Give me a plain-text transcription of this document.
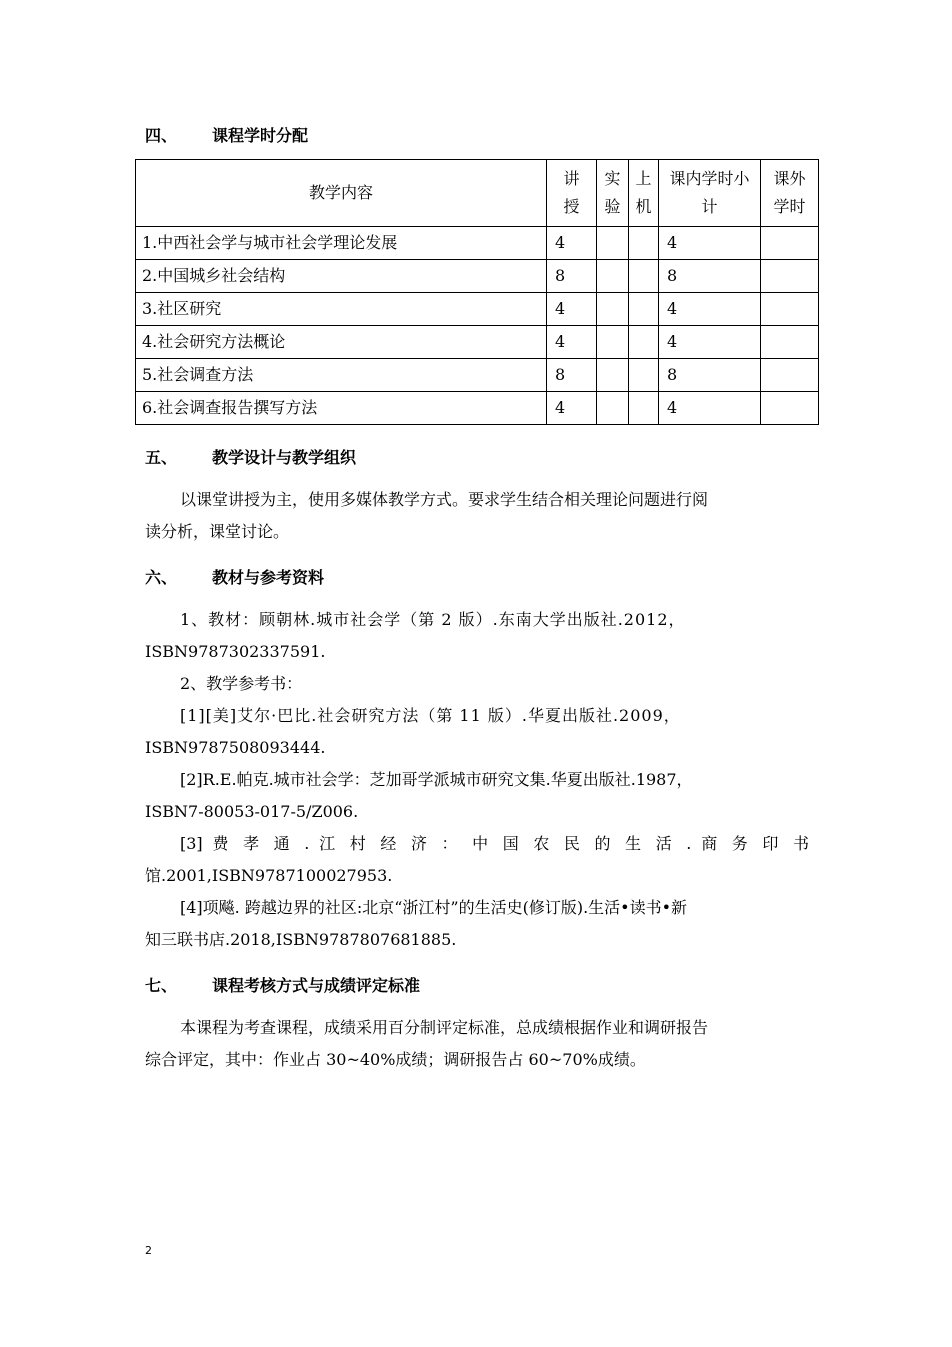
四、 课程学时分配
教学内容	讲授	实验	上机	课内学时小计	课外学时
1.中西社会学与城市社会学理论发展	4			4	
2.中国城乡社会结构	8			8	
3.社区研究	4			4	
4.社会研究方法概论	4			4	
5.社会调查方法	8			8	
6.社会调查报告撰写方法	4			4	
五、 教学设计与教学组织
以课堂讲授为主，使用多媒体教学方式。要求学生结合相关理论问题进行阅
读分析，课堂讨论。
六、 教材与参考资料
1、教材：顾朝林.城市社会学（第 2 版）.东南大学出版社.2012，
ISBN9787302337591.
2、教学参考书：
[1][美]艾尔·巴比.社会研究方法（第 11 版）.华夏出版社.2009，
ISBN9787508093444.
[2]R.E.帕克.城市社会学：芝加哥学派城市研究文集.华夏出版社.1987，
ISBN7-80053-017-5/Z006.
[3] 费 孝 通 . 江 村 经 济 ： 中 国 农 民 的 生 活 . 商 务 印 书
馆.2001,ISBN9787100027953.
[4]项飚. 跨越边界的社区:北京“浙江村”的生活史(修订版).生活•读书•新
知三联书店.2018,ISBN9787807681885.
七、 课程考核方式与成绩评定标准
本课程为考查课程，成绩采用百分制评定标准，总成绩根据作业和调研报告
综合评定，其中：作业占 30~40%成绩；调研报告占 60~70%成绩。
2
